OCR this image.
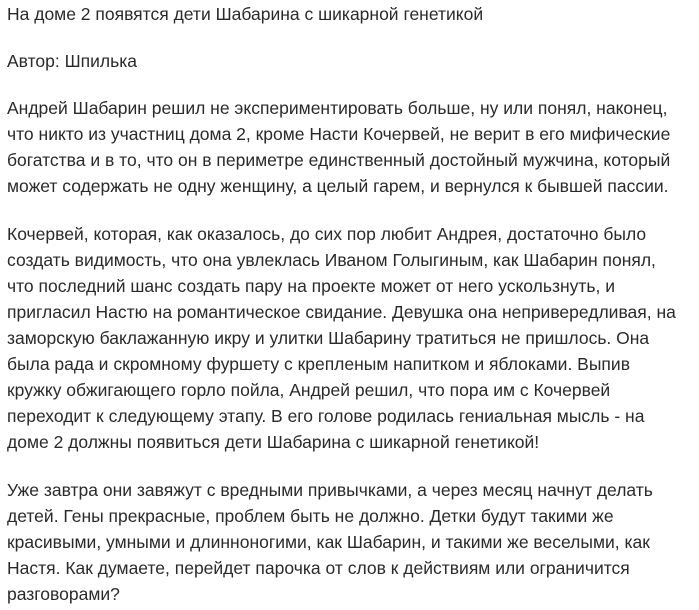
На доме 2 появятся дети Шабарина с шикарной генетикой
Автор: Шпилька
Андрей Шабарин решил не экспериментировать больше, ну или понял, наконец,
что никто из участниц дома 2, кроме Насти Кочервей, не верит в его мифические
богатства и в то, что он в периметре единственный достойный мужчина, который
может содержать не одну женщину, а целый гарем, и вернулся к бывшей пассии.
Кочервей, которая, как оказалось, до сих пор любит Андрея, достаточно было
создать видимость, что она увлеклась Иваном Голыгиным, как Шабарин понял,
что последний шанс создать пару на проекте может от него ускользнуть, и
пригласил Настю на романтическое свидание. Девушка она непривередливая, на
заморскую баклажанную икру и улитки Шабарину тратиться не пришлось. Она
была рада и скромному фуршету с крепленым напитком и яблоками. Выпив
кружку обжигающего горло пойла, Андрей решил, что пора им с Кочервей
переходит к следующему этапу. В его голове родилась гениальная мысль - на
доме 2 должны появиться дети Шабарина с шикарной генетикой!
Уже завтра они завяжут с вредными привычками, а через месяц начнут делать
детей. Гены прекрасные, проблем быть не должно. Детки будут такими же
красивыми, умными и длинноногими, как Шабарин, и такими же веселыми, как
Настя. Как думаете, перейдет парочка от слов к действиям или ограничится
разговорами?
